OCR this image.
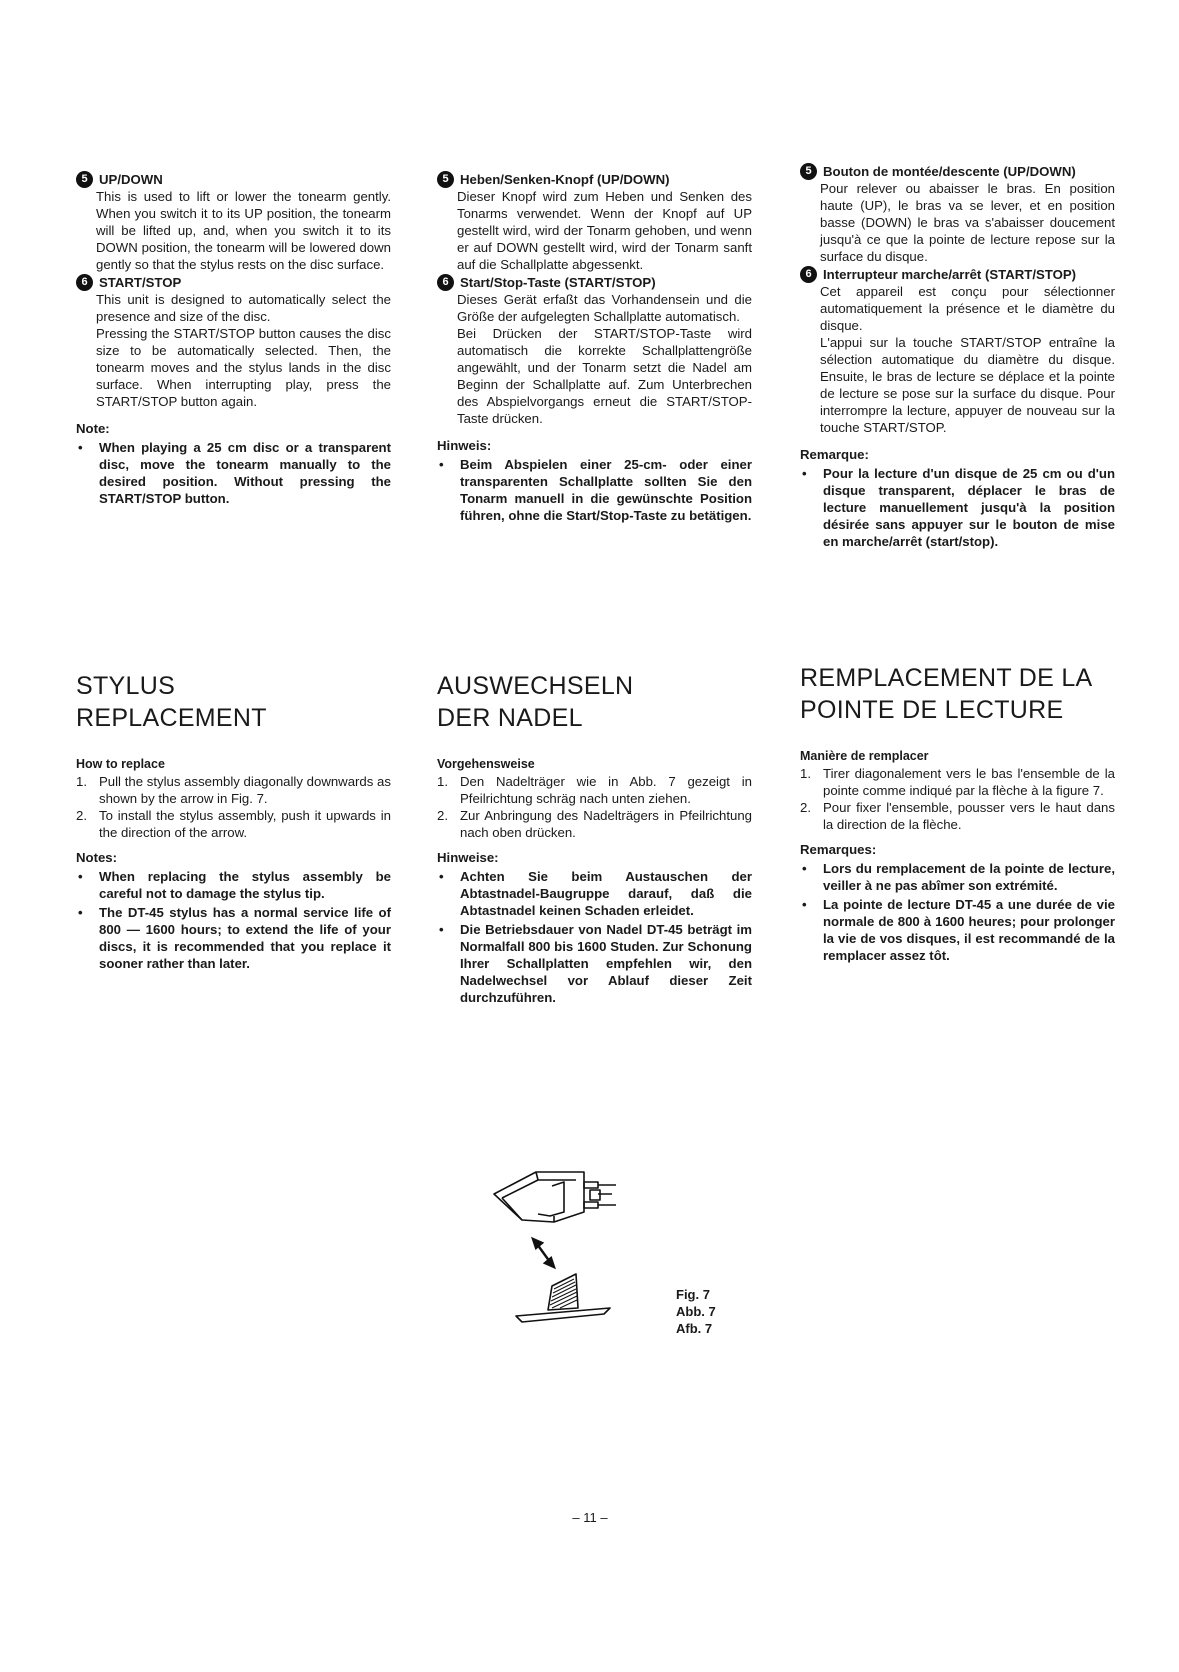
5 UP/DOWN
This is used to lift or lower the tonearm gently. When you switch it to its UP position, the tonearm will be lifted up, and, when you switch it to its DOWN position, the tonearm will be lowered down gently so that the stylus rests on the disc surface.
6 START/STOP

This unit is designed to automatically select the presence and size of the disc.

Pressing the START/STOP button causes the disc size to be automatically selected. Then, the tonearm moves and the stylus lands in the disc surface. When interrupting play, press the START/STOP button again.

Note:
• When playing a 25 cm disc or a transparent disc, move the tonearm manually to the desired position. Without pressing the START/STOP button.
5 Heben/Senken-Knopf (UP/DOWN)
Dieser Knopf wird zum Heben und Senken des Tonarms verwendet. Wenn der Knopf auf UP gestellt wird, wird der Tonarm gehoben, und wenn er auf DOWN gestellt wird, wird der Tonarm sanft auf die Schallplatte abgessenkt.
6 Start/Stop-Taste (START/STOP)

Dieses Gerät erfaßt das Vorhandensein und die Größe der aufgelegten Schallplatte automatisch.

Bei Drücken der START/STOP-Taste wird automatisch die korrekte Schallplattengröße angewählt, und der Tonarm setzt die Nadel am Beginn der Schallplatte auf. Zum Unterbrechen des Abspielvorgangs erneut die START/STOP-Taste drücken.

Hinweis:
• Beim Abspielen einer 25-cm- oder einer transparenten Schallplatte sollten Sie den Tonarm manuell in die gewünschte Position führen, ohne die Start/Stop-Taste zu betätigen.
5 Bouton de montée/descente (UP/DOWN)
Pour relever ou abaisser le bras. En position haute (UP), le bras va se lever, et en position basse (DOWN) le bras va s'abaisser doucement jusqu'à ce que la pointe de lecture repose sur la surface du disque.
6 Interrupteur marche/arrêt (START/STOP)

Cet appareil est conçu pour sélectionner automatiquement la présence et le diamètre du disque.

L'appui sur la touche START/STOP entraîne la sélection automatique du diamètre du disque. Ensuite, le bras de lecture se déplace et la pointe de lecture se pose sur la surface du disque. Pour interrompre la lecture, appuyer de nouveau sur la touche START/STOP.

Remarque:
• Pour la lecture d'un disque de 25 cm ou d'un disque transparent, déplacer le bras de lecture manuellement jusqu'à la position désirée sans appuyer sur le bouton de mise en marche/arrêt (start/stop).
STYLUS
REPLACEMENT
How to replace
1. Pull the stylus assembly diagonally downwards as shown by the arrow in Fig. 7.
2. To install the stylus assembly, push it upwards in the direction of the arrow.
Notes:
• When replacing the stylus assembly be careful not to damage the stylus tip.
• The DT-45 stylus has a normal service life of 800 — 1600 hours; to extend the life of your discs, it is recommended that you replace it sooner rather than later.
AUSWECHSELN
DER NADEL
Vorgehensweise
1. Den Nadelträger wie in Abb. 7 gezeigt in Pfeilrichtung schräg nach unten ziehen.
2. Zur Anbringung des Nadelträgers in Pfeilrichtung nach oben drücken.
Hinweise:
• Achten Sie beim Austauschen der Abtastnadel-Baugruppe darauf, daß die Abtastnadel keinen Schaden erleidet.
• Die Betriebsdauer von Nadel DT-45 beträgt im Normalfall 800 bis 1600 Studen. Zur Schonung Ihrer Schallplatten empfehlen wir, den Nadelwechsel vor Ablauf dieser Zeit durchzuführen.
REMPLACEMENT DE LA
POINTE DE LECTURE
Manière de remplacer
1. Tirer diagonalement vers le bas l'ensemble de la pointe comme indiqué par la flèche à la figure 7.
2. Pour fixer l'ensemble, pousser vers le haut dans la direction de la flèche.
Remarques:
• Lors du remplacement de la pointe de lecture, veiller à ne pas abîmer son extrémité.
• La pointe de lecture DT-45 a une durée de vie normale de 800 à 1600 heures; pour prolonger la vie de vos disques, il est recommandé de la remplacer assez tôt.
Fig. 7
Abb. 7
Afb. 7
– 11 –
